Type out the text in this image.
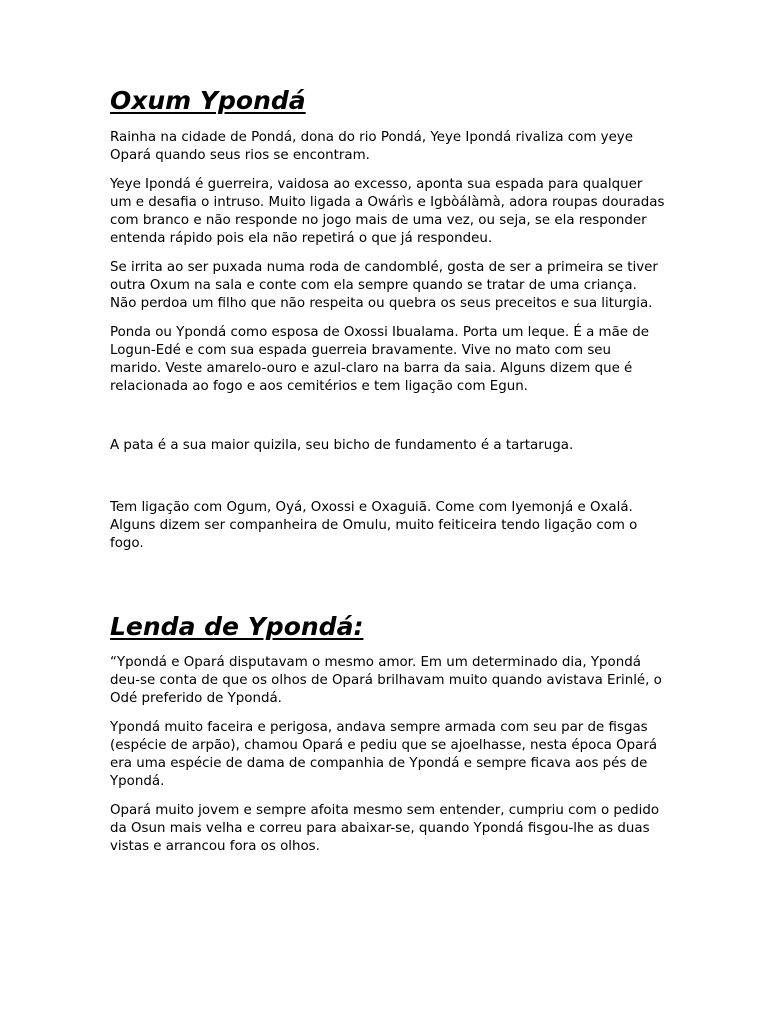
Oxum Ypondá

Rainha na cidade de Pondá, dona do rio Pondá, Yeye Ipondá rivaliza com yeye Opará quando seus rios se encontram.

Yeye Ipondá é guerreira, vaidosa ao excesso, aponta sua espada para qualquer um e desafia o intruso. Muito ligada a Owárìs e Igbòálàmà, adora roupas douradas com branco e não responde no jogo mais de uma vez, ou seja, se ela responder entenda rápido pois ela não repetirá o que já respondeu.

Se irrita ao ser puxada numa roda de candomblé, gosta de ser a primeira se tiver outra Oxum na sala e conte com ela sempre quando se tratar de uma criança. Não perdoa um filho que não respeita ou quebra os seus preceitos e sua liturgia.

Ponda ou Ypondá como esposa de Oxossi Ibualama. Porta um leque. É a mãe de Logun-Edé e com sua espada guerreia bravamente. Vive no mato com seu marido. Veste amarelo-ouro e azul-claro na barra da saia. Alguns dizem que é relacionada ao fogo e aos cemitérios e tem ligação com Egun.

A pata é a sua maior quizila, seu bicho de fundamento é a tartaruga.

Tem ligação com Ogum, Oyá, Oxossi e Oxaguiã. Come com Iyemonjá e Oxalá. Alguns dizem ser companheira de Omulu, muito feiticeira tendo ligação com o fogo.

Lenda de Ypondá:

“Ypondá e Opará disputavam o mesmo amor. Em um determinado dia, Ypondá deu-se conta de que os olhos de Opará brilhavam muito quando avistava Erinlé, o Odé preferido de Ypondá.

Ypondá muito faceira e perigosa, andava sempre armada com seu par de fisgas (espécie de arpão), chamou Opará e pediu que se ajoelhasse, nesta época Opará era uma espécie de dama de companhia de Ypondá e sempre ficava aos pés de Ypondá.

Opará muito jovem e sempre afoita mesmo sem entender, cumpriu com o pedido da Osun mais velha e correu para abaixar-se, quando Ypondá fisgou-lhe as duas vistas e arrancou fora os olhos.
